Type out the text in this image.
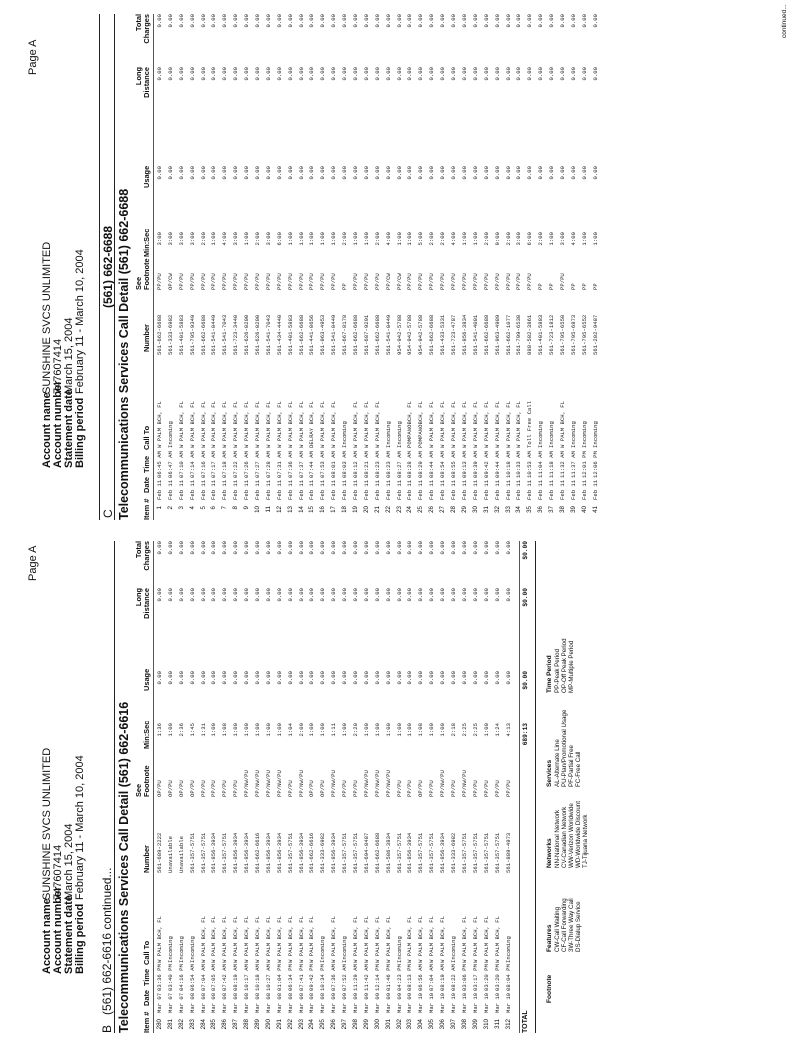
Account name
SUNSHINE SVCS UNLIMITED
Account number
747607414
Statement date
March 15, 2004
Billing period
February 11 - March 10, 2004
B   (561) 662-6616 continued... Telecommunications Services Call Detail (561) 662-6616 Item #
Date
Time
Call To
Number
See Footnote
Min:Sec
Usage
Long Distance
Total Charges
280
Mar 07
03:36 PM
W PALM BCH, FL
561-689-2222
OP/PU
1:36
0.00
0.00
0.00
281
Mar 07
03:40 PM
Incoming
Unavailable
OP/PU
1:00
0.00
0.00
0.00
282
Mar 07
04:16 PM
Incoming
Unavailable
OP/PU
2:36
0.00
0.00
0.00
283
Mar 08
06:54 AM
Incoming
561-357-5751
OP/PU
1:45
0.00
0.00
0.00
284
Mar 08
07:04 AM
W PALM BCH, FL
561-357-5751
PP/PU
1:31
0.00
0.00
0.00
285
Mar 08
07:05 AM
W PALM BCH, FL
561-856-3934
PP/PU
1:00
0.00
0.00
0.00
286
Mar 08
07:42 AM
W PALM BCH, FL
561-357-5751
PP/PU
1:08
0.00
0.00
0.00
287
Mar 08
08:19 AM
W PALM BCH, FL
561-856-3934
PP/PU
1:00
0.00
0.00
0.00
288
Mar 08
10:17 AM
W PALM BCH, FL
561-856-3934
PP/NW/PU
1:00
0.00
0.00
0.00
289
Mar 08
10:18 AM
W PALM BCH, FL
561-662-6616
PP/NW/PU
1:00
0.00
0.00
0.00
290
Mar 08
10:27 AM
W PALM BCH, FL
561-856-3934
PP/NW/PU
1:00
0.00
0.00
0.00
291
Mar 08
01:04 PM
W PALM BCH, FL
561-856-3934
PP/NW/PU
1:00
0.00
0.00
0.00
292
Mar 08
06:34 PM
W PALM BCH, FL
561-357-5751
PP/PU
1:04
0.00
0.00
0.00
293
Mar 08
07:41 PM
W PALM BCH, FL
561-856-3934
PP/NW/PU
2:09
0.00
0.00
0.00
294
Mar 08
09:42 PM
W PALM BCH, FL
561-662-6616
OP/PU
1:00
0.00
0.00
0.00
295
Mar 08
10:34 PM
Incoming
561-333-6982
OP/PU
1:00
0.00
0.00
0.00
296
Mar 09
07:36 AM
W PALM BCH, FL
561-856-3934
PP/NW/PU
1:11
0.00
0.00
0.00
297
Mar 09
07:52 AM
Incoming
561-357-5751
PP/PU
1:00
0.00
0.00
0.00
298
Mar 09
11:29 AM
W PALM BCH, FL
561-357-5751
PP/PU
2:20
0.00
0.00
0.00
299
Mar 09
11:42 AM
W PALM BCH, FL
561-694-8487
PP/NW/PU
1:00
0.00
0.00
0.00
300
Mar 09
12:14 PM
W PALM BCH, FL
561-662-6688
PP/NW/PU
1:00
0.00
0.00
0.00
301
Mar 09
01:46 PM
W PALM BCH, FL
561-586-3834
PP/NW/PU
1:00
0.00
0.00
0.00
302
Mar 09
04:23 PM
Incoming
561-357-5751
PP/PU
1:00
0.00
0.00
0.00
303
Mar 09
08:13 PM
W PALM BCH, FL
561-856-3934
PP/PU
1:00
0.00
0.00
0.00
304
Mar 10
06:56 AM
W PALM BCH, FL
561-357-5751
OP/PU
1:08
0.00
0.00
0.00
305
Mar 10
07:04 AM
W PALM BCH, FL
561-357-5751
PP/PU
1:00
0.00
0.00
0.00
306
Mar 10
08:19 AM
W PALM BCH, FL
561-856-3934
PP/NW/PU
1:00
0.00
0.00
0.00
307
Mar 10
08:22 AM
Incoming
561-333-6982
PP/PU
2:18
0.00
0.00
0.00
308
Mar 10
03:06 PM
W PALM BCH, FL
561-357-5751
PP/NW/PU
2:25
0.00
0.00
0.00
309
Mar 10
03:17 PM
W PALM BCH, FL
561-357-5751
PP/PU
2:25
0.00
0.00
0.00
310
Mar 10
03:20 PM
W PALM BCH, FL
561-357-5751
PP/PU
1:00
0.00
0.00
0.00
311
Mar 10
03:20 PM
W PALM BCH, FL
561-357-5751
PP/PU
1:24
0.00
0.00
0.00
312
Mar 10
08:04 PM
Incoming
561-889-4973
PP/PU
4:13
0.00
0.00
0.00
TOTAL
689:13
$0.00
$0.00
$0.00
Footnote
Features CW-Call Waiting CF-Call Forwarding 3W-Three Way Call DS-Dialup Service
Networks NN-National Network CV-Canadian Network WW-Verizon Worldwide WD-Worldwide Discount TJ-Tijuana Network
Services AL-Alternate Line PU-Plan/Promotional Usage PF-Partial Free FC-Free Call
Time Period PP-Peak Period OP-Off Peak Period MP-Multiple Period
Page A
Account name
SUNSHINE SVCS UNLIMITED
Account number
747607414
Statement date
March 15, 2004
Billing period
February 11 - March 10, 2004
Page A
C
(561) 662-6688 Telecommunications Services Call Detail (561) 662-6688 Item #
Date
Time
Call To
Number
See Footnote
Min:Sec
Usage
Long Distance
Total Charges
1
Feb 11
06:45 AM
W PALM BCH, FL
561-662-6688
PP/PU
3:00
0.00
0.00
0.00
2
Feb 11
06:47 AM
Incoming
561-333-6982
OP/CW
3:00
0.00
0.00
0.00
3
Feb 11
07:10 AM
W PALM BCH, FL
561-401-5883
PP/PU
3:00
0.00
0.00
0.00
4
Feb 11
07:14 AM
W PALM BCH, FL
561-795-9349
PP/PU
3:00
0.00
0.00
0.00
5
Feb 11
07:16 AM
W PALM BCH, FL
561-662-6688
PP/PU
2:00
0.00
0.00
0.00
6
Feb 11
07:17 AM
W PALM BCH, FL
561-541-0449
PP/PU
1:00
0.00
0.00
0.00
7
Feb 11
07:18 AM
W PALM BCH, FL
561-541-7043
PP/PU
4:00
0.00
0.00
0.00
8
Feb 11
07:22 AM
W PALM BCH, FL
561-723-3440
PP/PU
3:00
0.00
0.00
0.00
9
Feb 11
07:26 AM
W PALM BCH, FL
561-626-0200
PP/PU
1:00
0.00
0.00
0.00
10
Feb 11
07:27 AM
W PALM BCH, FL
561-626-0200
PP/PU
2:00
0.00
0.00
0.00
11
Feb 11
07:28 AM
W PALM BCH, FL
561-541-7043
PP/PU
3:00
0.00
0.00
0.00
12
Feb 11
07:31 AM
W PALM BCH, FL
561-434-4440
PP/PU
6:00
0.00
0.00
0.00
13
Feb 11
07:36 AM
W PALM BCH, FL
561-401-5883
PP/PU
1:00
0.00
0.00
0.00
14
Feb 11
07:37 AM
W PALM BCH, FL
561-662-6688
PP/PU
1:00
0.00
0.00
0.00
15
Feb 11
07:44 AM
DELRAY BCH, FL
561-441-0656
PP/PU
1:00
0.00
0.00
0.00
16
Feb 11
07:53 AM
W PALM BCH, FL
561-963-4953
PP/PU
1:00
0.00
0.00
0.00
17
Feb 11
08:01 AM
W PALM BCH, FL
561-541-0449
PP/PU
1:00
0.00
0.00
0.00
18
Feb 11
08:03 AM
Incoming
561-667-8178
PP
2:00
0.00
0.00
0.00
19
Feb 11
08:12 AM
W PALM BCH, FL
561-662-6688
PP/PU
1:00
0.00
0.00
0.00
20
Feb 11
08:21 AM
W PALM BCH, FL
561-687-9291
PP/PU
1:00
0.00
0.00
0.00
21
Feb 11
08:23 AM
W PALM BCH, FL
561-662-6688
PP/PU
2:00
0.00
0.00
0.00
22
Feb 11
08:23 AM
Incoming
561-541-0449
PP/CW
4:00
0.00
0.00
0.00
23
Feb 11
08:27 AM
Incoming
954-942-5788
PP/CW
1:00
0.00
0.00
0.00
24
Feb 11
08:28 AM
POMPANOBCH, FL
954-942-5788
PP/PU
1:00
0.00
0.00
0.00
25
Feb 11
08:29 AM
POMPANOBCH, FL
954-942-5788
PP/PU
5:00
0.00
0.00
0.00
26
Feb 11
08:44 AM
W PALM BCH, FL
561-662-6688
PP/PU
2:00
0.00
0.00
0.00
27
Feb 11
08:54 AM
W PALM BCH, FL
561-433-5331
PP/PU
2:00
0.00
0.00
0.00
28
Feb 11
08:55 AM
W PALM BCH, FL
561-723-4787
PP/PU
4:00
0.00
0.00
0.00
29
Feb 11
09:13 AM
W PALM BCH, FL
561-856-3834
PP/PU
1:00
0.00
0.00
0.00
30
Feb 11
09:39 AM
W PALM BCH, FL
561-541-4001
PP/PU
1:00
0.00
0.00
0.00
31
Feb 11
09:42 AM
W PALM BCH, FL
561-662-6688
PP/PU
2:00
0.00
0.00
0.00
32
Feb 11
09:44 AM
W PALM BCH, FL
561-963-4989
PP/PU
9:00
0.00
0.00
0.00
33
Feb 11
10:18 AM
W PALM BCH, FL
561-662-1077
PP/PU
2:00
0.00
0.00
0.00
34
Feb 11
10:33 AM
W PALM BCH, FL
561-799-6530
PP/PU
3:00
0.00
0.00
0.00
35
Feb 11
10:53 AM
Toll Free Call
888-582-3861
PP/PU
6:00
0.00
0.00
0.00
36
Feb 11
11:04 AM
Incoming
561-401-5883
PP
2:00
0.00
0.00
0.00
37
Feb 11
11:18 AM
Incoming
561-723-1812
PP
1:00
0.00
0.00
0.00
38
Feb 11
11:32 AM
W PALM BCH, FL
561-795-6550
PP/PU
3:00
0.00
0.00
0.00
39
Feb 11
11:37 AM
Incoming
561-795-6873
PP
4:00
0.00
0.00
0.00
40
Feb 11
12:01 PM
Incoming
561-795-6552
PP
1:00
0.00
0.00
0.00
41
Feb 11
12:06 PM
Incoming
561-202-9487
PP
1:00
0.00
0.00
0.00	continued...
